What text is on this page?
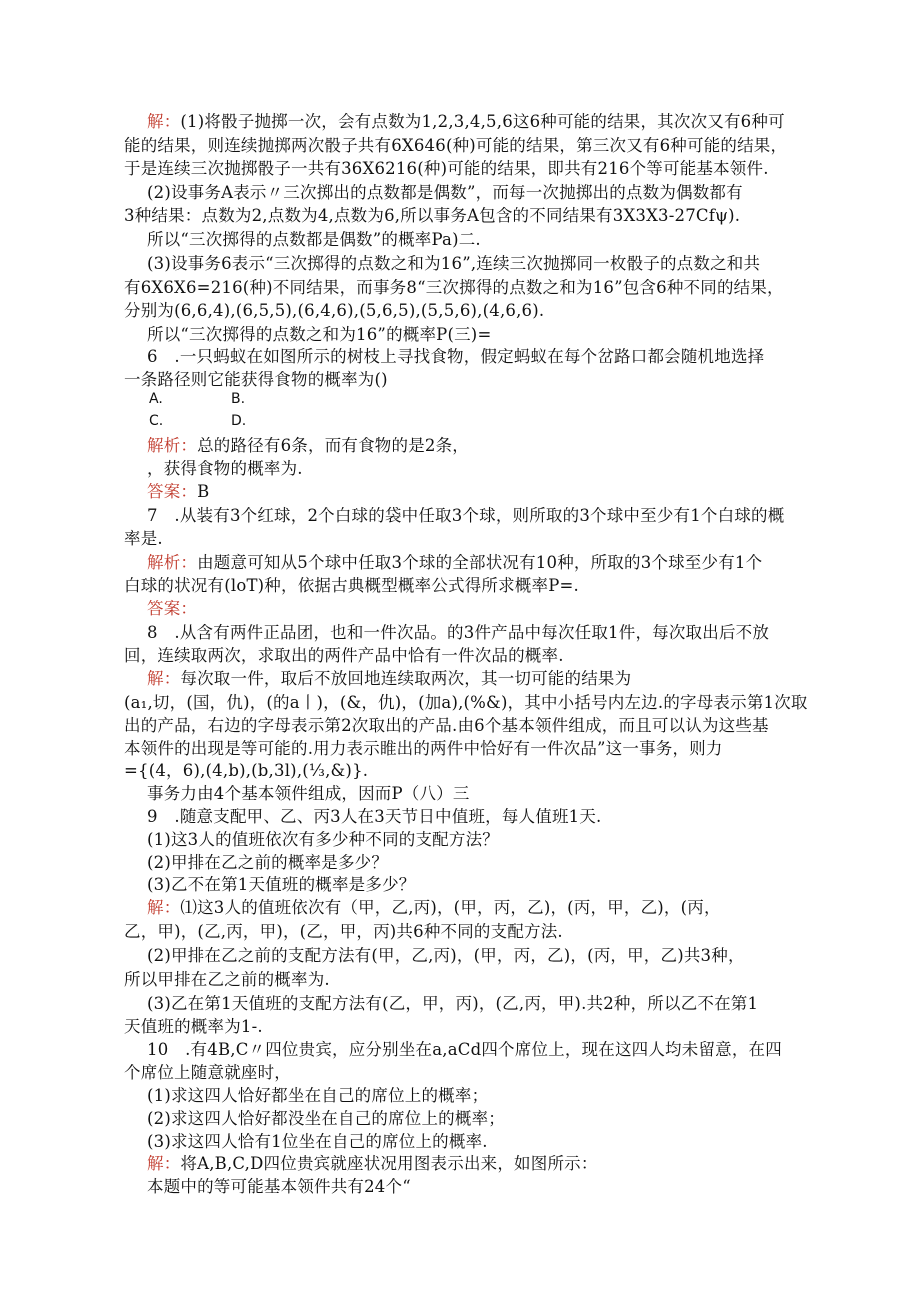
解：(1)将骰子抛掷一次，会有点数为1,2,3,4,5,6这6种可能的结果，其次次又有6种可
能的结果，则连续抛掷两次骰子共有6X646(种)可能的结果，第三次又有6种可能的结果，
于是连续三次抛掷骰子一共有36X6216(种)可能的结果，即共有216个等可能基本领件.
(2)设事务A表示〃三次掷出的点数都是偶数”，而每一次抛掷出的点数为偶数都有
3种结果：点数为2,点数为4,点数为6,所以事务A包含的不同结果有3X3X3-27Cfψ).
所以“三次掷得的点数都是偶数”的概率Pa)二.
(3)设事务6表示“三次掷得的点数之和为16”,连续三次抛掷同一枚骰子的点数之和共
有6X6X6=216(种)不同结果，而事务8“三次掷得的点数之和为16”包含6种不同的结果，
分别为(6,6,4),(6,5,5),(6,4,6),(5,6,5),(5,5,6),(4,6,6).
所以“三次掷得的点数之和为16”的概率P(三)=
6　.一只蚂蚁在如图所示的树枝上寻找食物，假定蚂蚁在每个岔路口都会随机地选择
一条路径则它能获得食物的概率为()
A.	B.
C.	D.
解析：总的路径有6条，而有食物的是2条，
，获得食物的概率为.
答案：B
7　.从装有3个红球，2个白球的袋中任取3个球，则所取的3个球中至少有1个白球的概
率是.
解析：由题意可知从5个球中任取3个球的全部状况有10种，所取的3个球至少有1个
白球的状况有(loT)种，依据古典概型概率公式得所求概率P=.
答案：
8　.从含有两件正品团，也和一件次品。的3件产品中每次任取1件，每次取出后不放
回，连续取两次，求取出的两件产品中恰有一件次品的概率.
解：每次取一件，取后不放回地连续取两次，其一切可能的结果为
(a₁,切，(国，仇)，(的a丨)，(&，仇)，(加a),(%&)，其中小括号内左边.的字母表示第1次取
出的产品，右边的字母表示第2次取出的产品.由6个基本领件组成，而且可以认为这些基
本领件的出现是等可能的.用力表示睢出的两件中恰好有一件次品”这一事务，则力
={(4，6),(4,b),(b,3l),(⅓,&)}.
事务力由4个基本领件组成，因而P（八）三
9　.随意支配甲、乙、丙3人在3天节日中值班，每人值班1天.
(1)这3人的值班依次有多少种不同的支配方法？
(2)甲排在乙之前的概率是多少？
(3)乙不在第1天值班的概率是多少？
解：⑴这3人的值班依次有（甲，乙,丙)，(甲，丙，乙)，(丙，甲，乙)，(丙，
乙，甲)，(乙,丙，甲)，(乙，甲，丙)共6种不同的支配方法.
(2)甲排在乙之前的支配方法有(甲，乙,丙)，(甲，丙，乙)，(丙，甲，乙)共3种，
所以甲排在乙之前的概率为.
(3)乙在第1天值班的支配方法有(乙，甲，丙)，(乙,丙，甲).共2种，所以乙不在第1
天值班的概率为1-.
10　.有4B,C〃四位贵宾，应分别坐在a,aCd四个席位上，现在这四人均未留意，在四
个席位上随意就座时，
(1)求这四人恰好都坐在自己的席位上的概率；
(2)求这四人恰好都没坐在自己的席位上的概率；
(3)求这四人恰有1位坐在自己的席位上的概率.
解：将A,B,C,D四位贵宾就座状况用图表示出来，如图所示：
本题中的等可能基本领件共有24个“
